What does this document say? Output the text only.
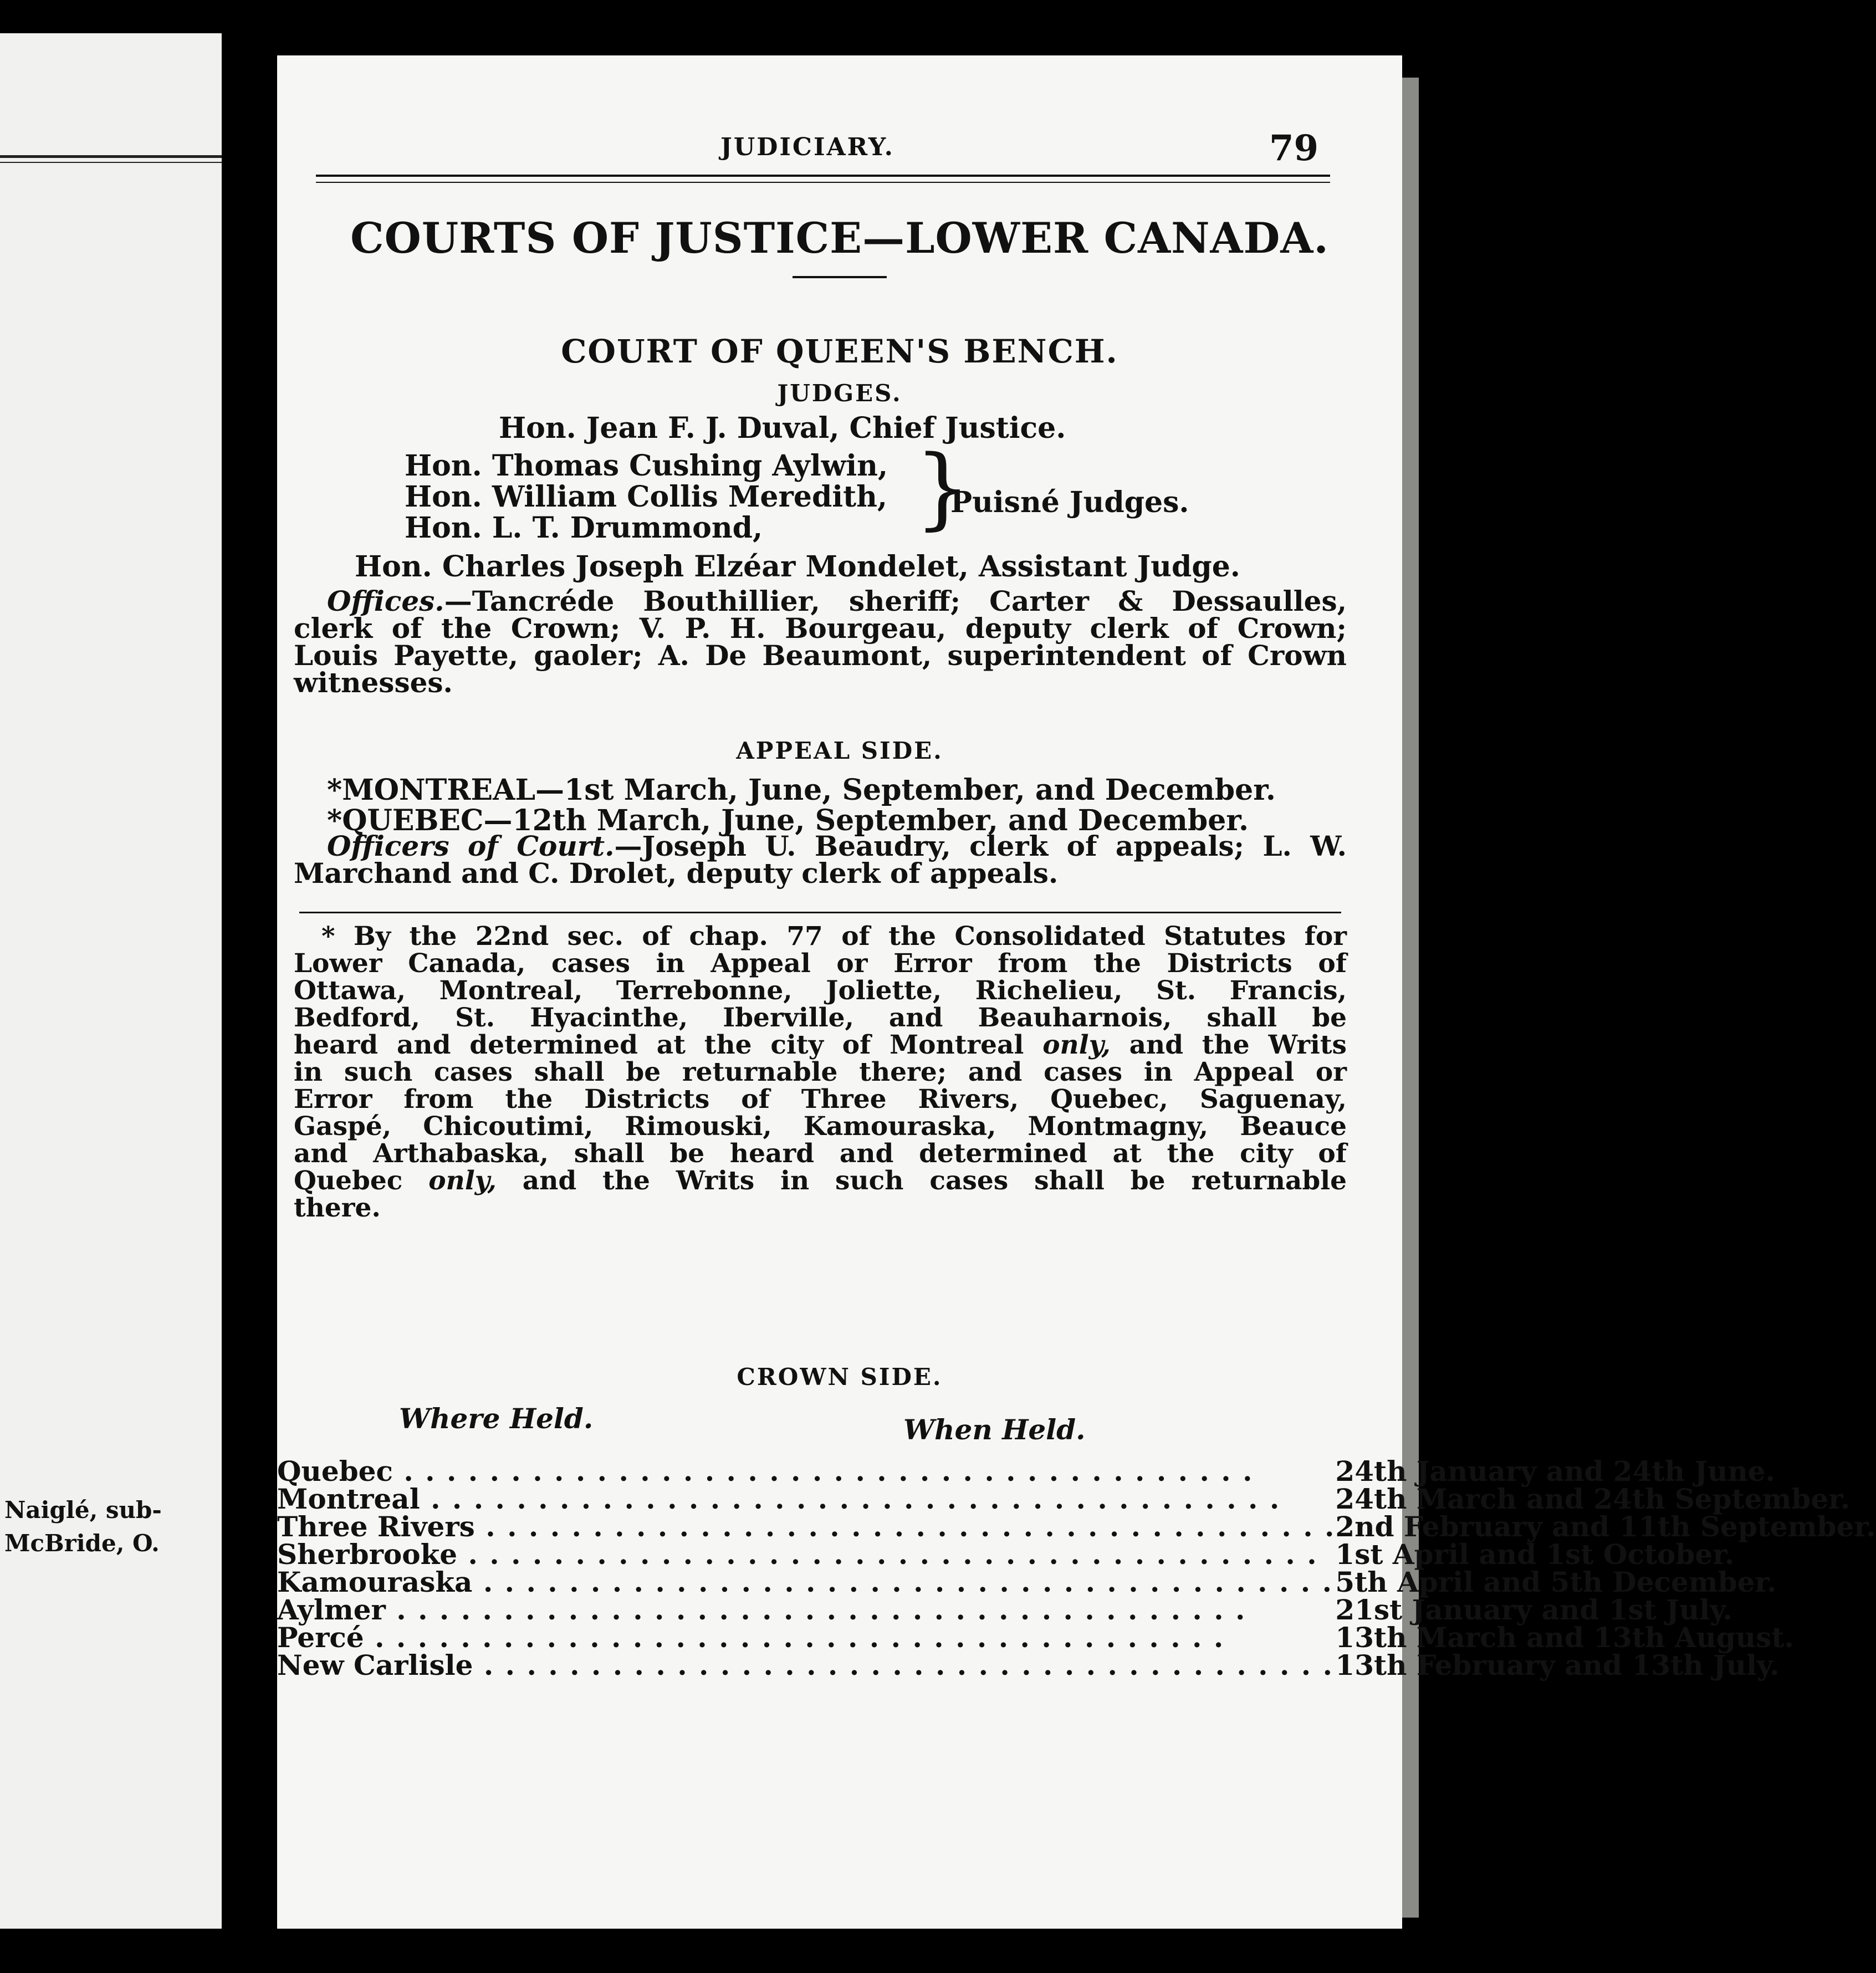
Naiglé, sub-
McBride, O.
JUDICIARY.	79
COURTS OF JUSTICE—LOWER CANADA.
COURT OF QUEEN'S BENCH.
JUDGES.
Hon. Jean F. J. Duval, Chief Justice.
Hon. Thomas Cushing Aylwin,
Hon. William Collis Meredith,
Hon. L. T. Drummond, }
Puisné Judges.
Hon. Charles Joseph Elzéar Mondelet, Assistant Judge.
Offices.—Tancréde Bouthillier, sheriff; Carter & Dessaulles,
clerk of the Crown; V. P. H. Bourgeau, deputy clerk of Crown;
Louis Payette, gaoler; A. De Beaumont, superintendent of Crown
witnesses.
APPEAL SIDE.
*MONTREAL—1st March, June, September, and December.
*QUEBEC—12th March, June, September, and December.
Officers of Court.—Joseph U. Beaudry, clerk of appeals; L. W.
Marchand and C. Drolet, deputy clerk of appeals.
* By the 22nd sec. of chap. 77 of the Consolidated Statutes for
Lower Canada, cases in Appeal or Error from the Districts of
Ottawa, Montreal, Terrebonne, Joliette, Richelieu, St. Francis,
Bedford, St. Hyacinthe, Iberville, and Beauharnois, shall be
heard and determined at the city of Montreal only, and the Writs
in such cases shall be returnable there; and cases in Appeal or
Error from the Districts of Three Rivers, Quebec, Saguenay,
Gaspé, Chicoutimi, Rimouski, Kamouraska, Montmagny, Beauce
and Arthabaska, shall be heard and determined at the city of
Quebec only, and the Writs in such cases shall be returnable
there.
CROWN SIDE.
Where Held.	When Held.
Quebec . . . . . . . . . . . . . . . . . . . . . . . . . . . . . . . . . . . . . . . .	24th January and 24th June.
Montreal . . . . . . . . . . . . . . . . . . . . . . . . . . . . . . . . . . . . . . . .	24th March and 24th September.
Three Rivers . . . . . . . . . . . . . . . . . . . . . . . . . . . . . . . . . . . . . . . .	2nd February and 11th September.
Sherbrooke . . . . . . . . . . . . . . . . . . . . . . . . . . . . . . . . . . . . . . . .	1st April and 1st October.
Kamouraska . . . . . . . . . . . . . . . . . . . . . . . . . . . . . . . . . . . . . . . .	5th April and 5th December.
Aylmer . . . . . . . . . . . . . . . . . . . . . . . . . . . . . . . . . . . . . . . .	21st January and 1st July.
Percé . . . . . . . . . . . . . . . . . . . . . . . . . . . . . . . . . . . . . . . .	13th March and 13th August.
New Carlisle . . . . . . . . . . . . . . . . . . . . . . . . . . . . . . . . . . . . . . . .	13th February and 13th July.
